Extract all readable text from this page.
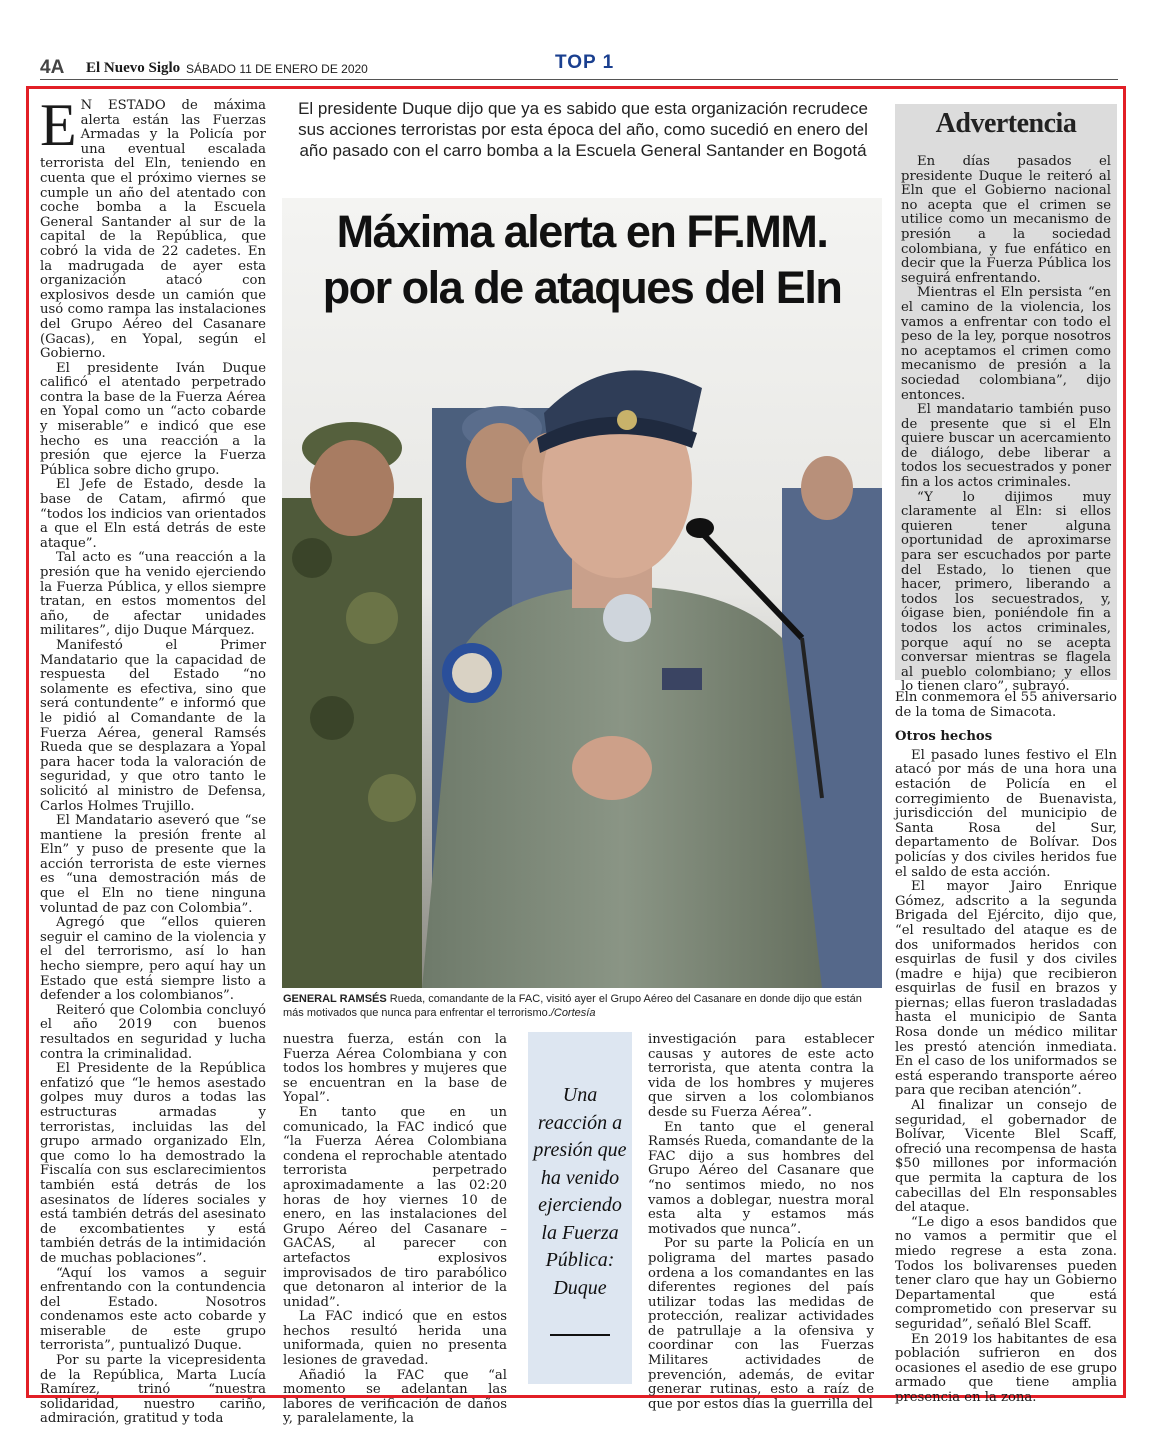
4A El Nuevo Siglo SÁBADO 11 DE ENERO DE 2020	TOP 1

E N ESTADO de máxima alerta están las Fuerzas Armadas y la Policía por una eventual escalada terrorista del Eln, teniendo en cuenta que el próximo viernes se cumple un año del atentado con coche bomba a la Escuela General Santander al sur de la capital de la República, que cobró la vida de 22 cadetes. En la madrugada de ayer esta organización atacó con explosivos desde un camión que usó como rampa las instalaciones del Grupo Aéreo del Casanare (Gacas), en Yopal, según el Gobierno.

El presidente Iván Duque calificó el atentado perpetrado contra la base de la Fuerza Aérea en Yopal como un “acto cobarde y miserable” e indicó que ese hecho es una reacción a la presión que ejerce la Fuerza Pública sobre dicho grupo.

El Jefe de Estado, desde la base de Catam, afirmó que “todos los indicios van orientados a que el Eln está detrás de este ataque”.

Tal acto es “una reacción a la presión que ha venido ejerciendo la Fuerza Pública, y ellos siempre tratan, en estos momentos del año, de afectar unidades militares”, dijo Duque Márquez.

Manifestó el Primer Mandatario que la capacidad de respuesta del Estado “no solamente es efectiva, sino que será contundente” e informó que le pidió al Comandante de la Fuerza Aérea, general Ramsés Rueda que se desplazara a Yopal para hacer toda la valoración de seguridad, y que otro tanto le solicitó al ministro de Defensa, Carlos Holmes Trujillo.

El Mandatario aseveró que “se mantiene la presión frente al Eln” y puso de presente que la acción terrorista de este viernes es “una demostración más de que el Eln no tiene ninguna voluntad de paz con Colombia”.

Agregó que “ellos quieren seguir el camino de la violencia y el del terrorismo, así lo han hecho siempre, pero aquí hay un Estado que está siempre listo a defender a los colombianos”.

Reiteró que Colombia concluyó el año 2019 con buenos resultados en seguridad y lucha contra la criminalidad.

El Presidente de la República enfatizó que “le hemos asestado golpes muy duros a todas las estructuras armadas y terroristas, incluidas las del grupo armado organizado Eln, que como lo ha demostrado la Fiscalía con sus esclarecimientos también está detrás de los asesinatos de líderes sociales y está también detrás del asesinato de excombatientes y está también detrás de la intimidación de muchas poblaciones”.

“Aquí los vamos a seguir enfrentando con la contundencia del Estado. Nosotros condenamos este acto cobarde y miserable de este grupo terrorista”, puntualizó Duque.

Por su parte la vicepresidenta de la República, Marta Lucía Ramírez, trinó “nuestra solidaridad, nuestro cariño, admiración, gratitud y toda

El presidente Duque dijo que ya es sabido que esta organización recrudece sus acciones terroristas por esta época del año, como sucedió en enero del año pasado con el carro bomba a la Escuela General Santander en Bogotá
Máxima alerta en FF.MM.
por ola de ataques del Eln
GENERAL RAMSÉS Rueda, comandante de la FAC, visitó ayer el Grupo Aéreo del Casanare en donde dijo que están más motivados que nunca para enfrentar el terrorismo./Cortesía

nuestra fuerza, están con la Fuerza Aérea Colombiana y con todos los hombres y mujeres que se encuentran en la base de Yopal”.

En tanto que en un comunicado, la FAC indicó que “la Fuerza Aérea Colombiana condena el reprochable atentado terrorista perpetrado aproximadamente a las 02:20 horas de hoy viernes 10 de enero, en las instalaciones del Grupo Aéreo del Casanare – GACAS, al parecer con artefactos explosivos improvisados de tiro parabólico que detonaron al interior de la unidad”.

La FAC indicó que en estos hechos resultó herida una uniformada, quien no presenta lesiones de gravedad.

Añadió la FAC que “al momento se adelantan las labores de verificación de daños y, paralelamente, la

Una reacción a presión que ha venido ejerciendo la Fuerza Pública: Duque

investigación para establecer causas y autores de este acto terrorista, que atenta contra la vida de los hombres y mujeres que sirven a los colombianos desde su Fuerza Aérea”.

En tanto que el general Ramsés Rueda, comandante de la FAC dijo a sus hombres del Grupo Aéreo del Casanare que “no sentimos miedo, no nos vamos a doblegar, nuestra moral esta alta y estamos más motivados que nunca”.

Por su parte la Policía en un poligrama del martes pasado ordena a los comandantes en las diferentes regiones del país utilizar todas las medidas de protección, realizar actividades de patrullaje a la ofensiva y coordinar con las Fuerzas Militares actividades de prevención, además, de evitar generar rutinas, esto a raíz de que por estos días la guerrilla del

Advertencia

En días pasados el presidente Duque le reiteró al Eln que el Gobierno nacional no acepta que el crimen se utilice como un mecanismo de presión a la sociedad colombiana, y fue enfático en decir que la Fuerza Pública los seguirá enfrentando.

Mientras el Eln persista “en el camino de la violencia, los vamos a enfrentar con todo el peso de la ley, porque nosotros no aceptamos el crimen como mecanismo de presión a la sociedad colombiana”, dijo entonces.

El mandatario también puso de presente que si el Eln quiere buscar un acercamiento de diálogo, debe liberar a todos los secuestrados y poner fin a los actos criminales.

“Y lo dijimos muy claramente al Eln: si ellos quieren tener alguna oportunidad de aproximarse para ser escuchados por parte del Estado, lo tienen que hacer, primero, liberando a todos los secuestrados, y, óigase bien, poniéndole fin a todos los actos criminales, porque aquí no se acepta conversar mientras se flagela al pueblo colombiano; y ellos lo tienen claro”, subrayó.

Eln conmemora el 55 aniversario de la toma de Simacota.

Otros hechos

El pasado lunes festivo el Eln atacó por más de una hora una estación de Policía en el corregimiento de Buenavista, jurisdicción del municipio de Santa Rosa del Sur, departamento de Bolívar. Dos policías y dos civiles heridos fue el saldo de esta acción.

El mayor Jairo Enrique Gómez, adscrito a la segunda Brigada del Ejército, dijo que, “el resultado del ataque es de dos uniformados heridos con esquirlas de fusil y dos civiles (madre e hija) que recibieron esquirlas de fusil en brazos y piernas; ellas fueron trasladadas hasta el municipio de Santa Rosa donde un médico militar les prestó atención inmediata. En el caso de los uniformados se está esperando transporte aéreo para que reciban atención”.

Al finalizar un consejo de seguridad, el gobernador de Bolívar, Vicente Blel Scaff, ofreció una recompensa de hasta $50 millones por información que permita la captura de los cabecillas del Eln responsables del ataque.

“Le digo a esos bandidos que no vamos a permitir que el miedo regrese a esta zona. Todos los bolivarenses pueden tener claro que hay un Gobierno Departamental que está comprometido con preservar su seguridad”, señaló Blel Scaff.

En 2019 los habitantes de esa población sufrieron en dos ocasiones el asedio de ese grupo armado que tiene amplia presencia en la zona.
